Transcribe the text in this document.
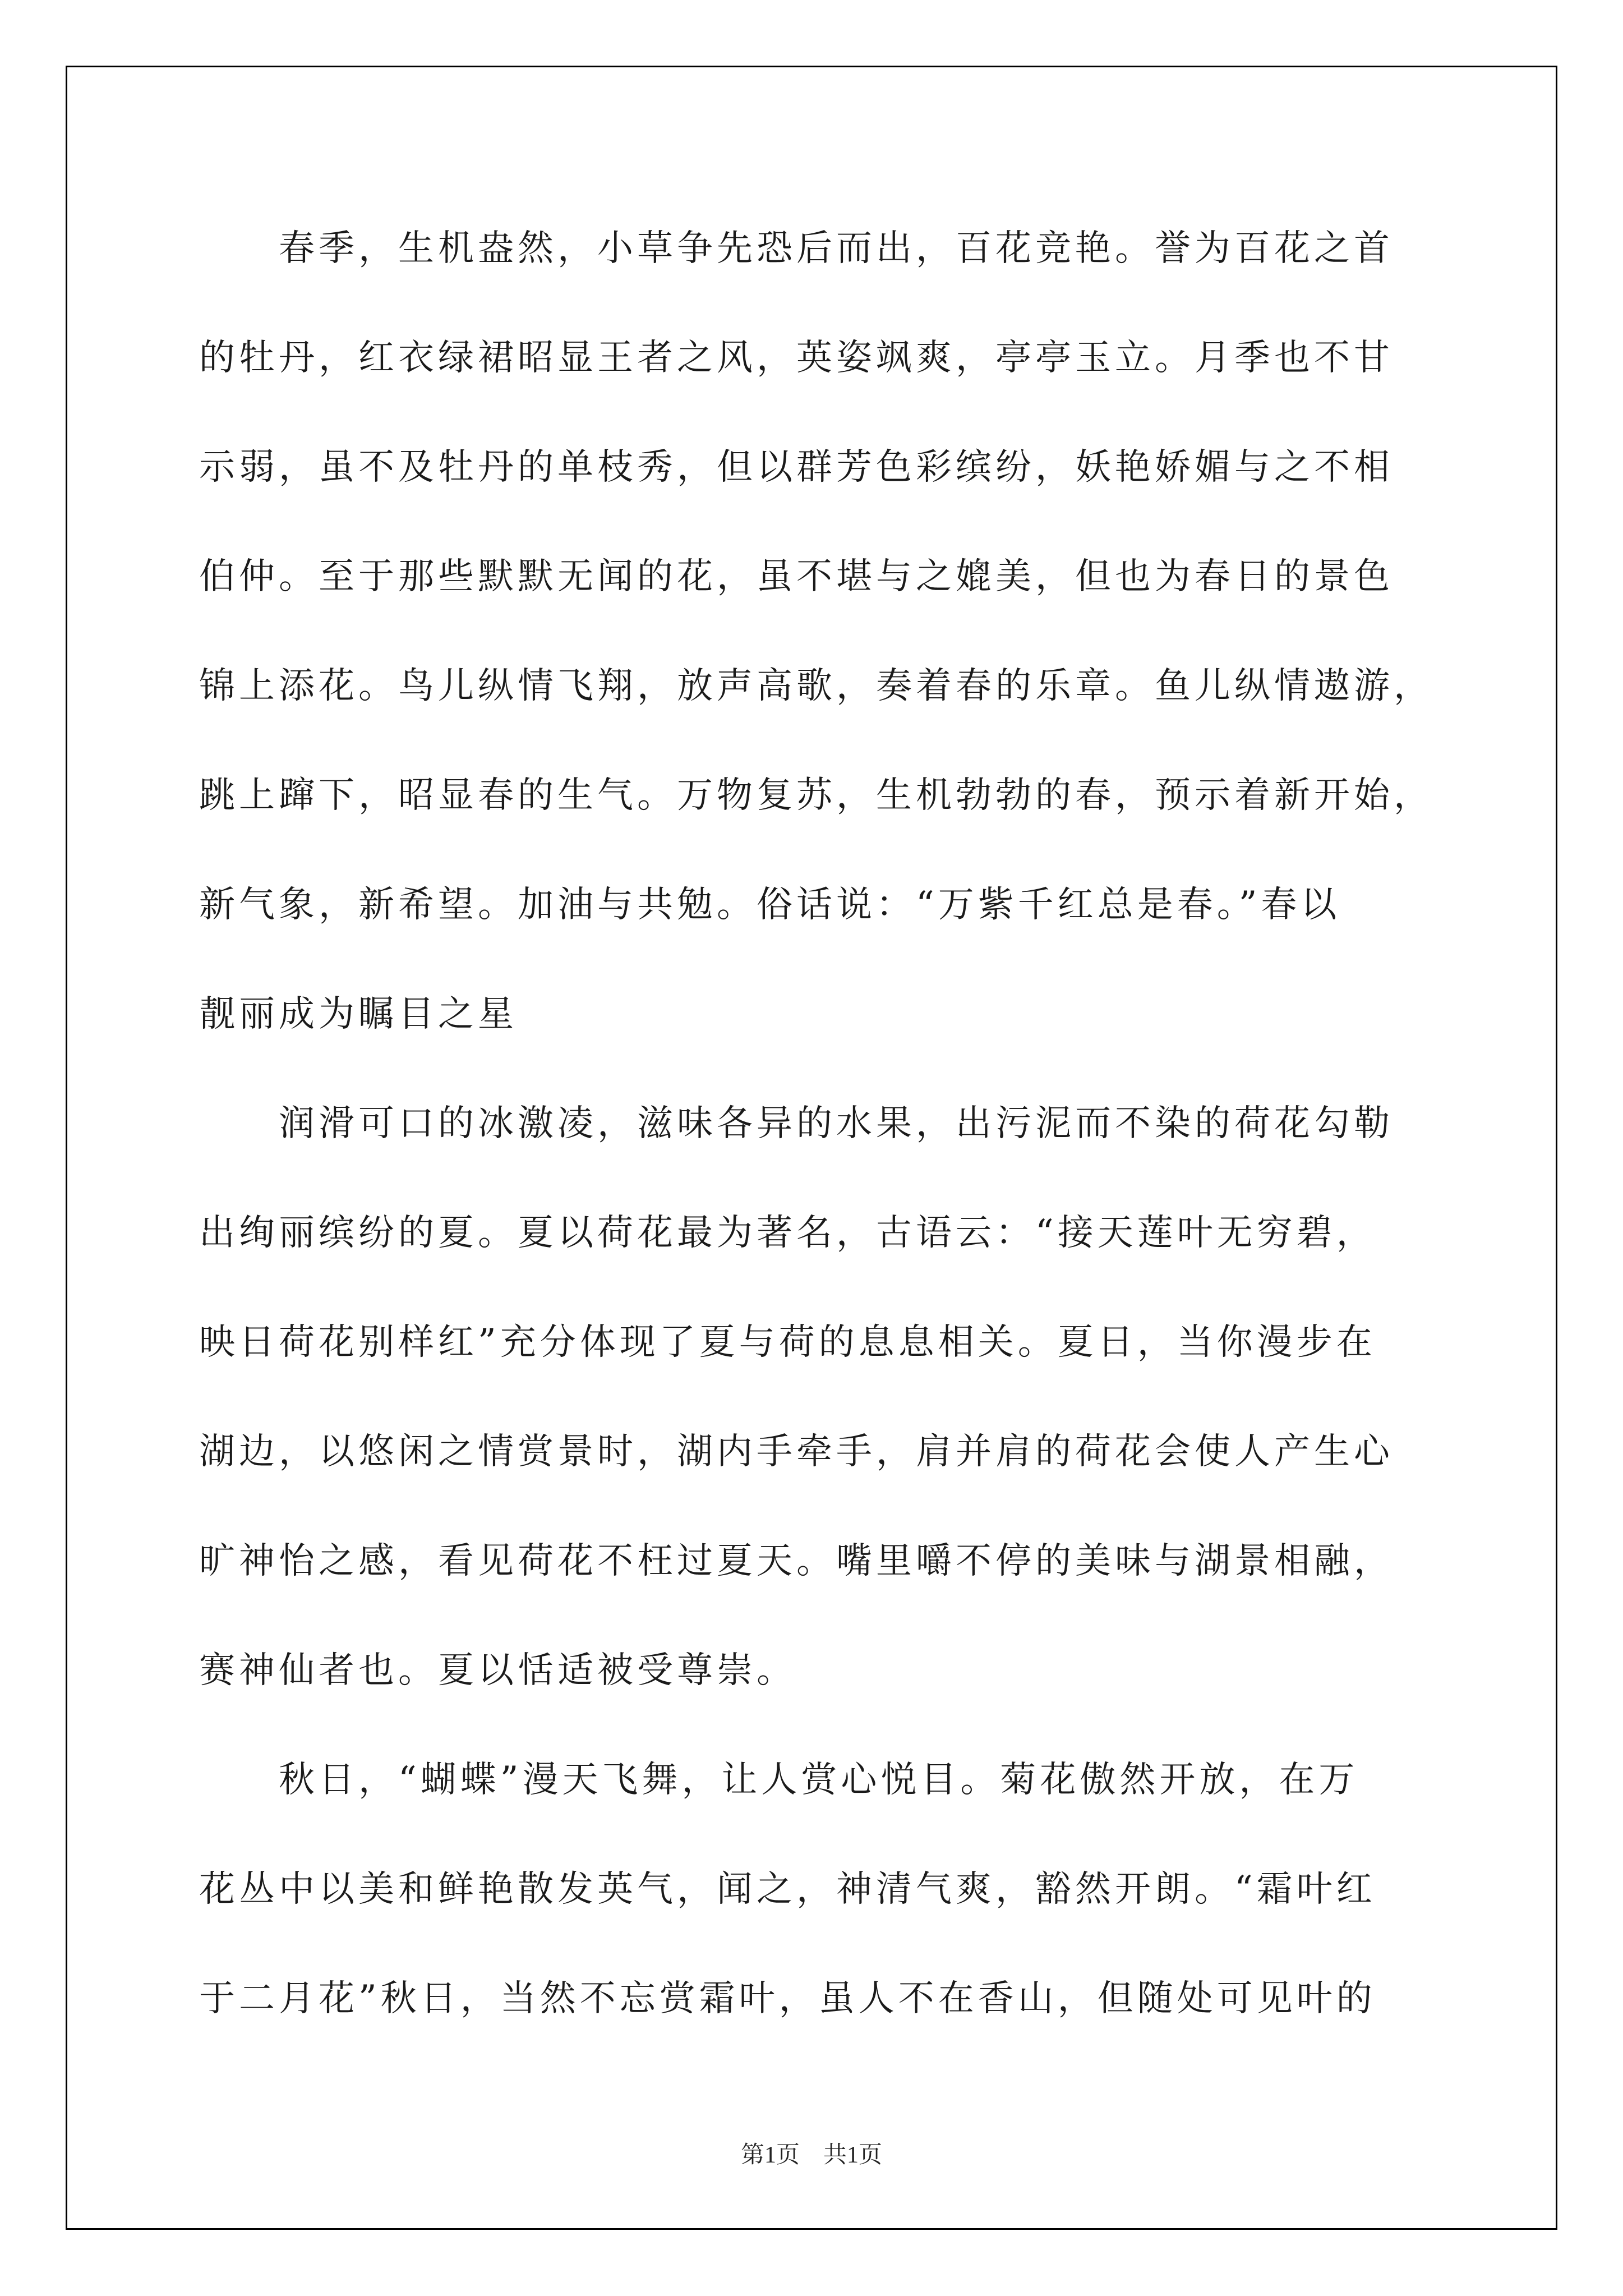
　　春季，生机盎然，小草争先恐后而出，百花竞艳。誉为百花之首
的牡丹，红衣绿裙昭显王者之风，英姿飒爽，亭亭玉立。月季也不甘
示弱，虽不及牡丹的单枝秀，但以群芳色彩缤纷，妖艳娇媚与之不相
伯仲。至于那些默默无闻的花，虽不堪与之媲美，但也为春日的景色
锦上添花。鸟儿纵情飞翔，放声高歌，奏着春的乐章。鱼儿纵情遨游，
跳上蹿下，昭显春的生气。万物复苏，生机勃勃的春，预示着新开始，
新气象，新希望。加油与共勉。俗话说：“万紫千红总是春。”春以
靓丽成为瞩目之星
　　润滑可口的冰激凌，滋味各异的水果，出污泥而不染的荷花勾勒
出绚丽缤纷的夏。夏以荷花最为著名，古语云：“接天莲叶无穷碧，
映日荷花别样红”充分体现了夏与荷的息息相关。夏日，当你漫步在
湖边，以悠闲之情赏景时，湖内手牵手，肩并肩的荷花会使人产生心
旷神怡之感，看见荷花不枉过夏天。嘴里嚼不停的美味与湖景相融，
赛神仙者也。夏以恬适被受尊崇。
　　秋日，“蝴蝶”漫天飞舞，让人赏心悦目。菊花傲然开放，在万
花丛中以美和鲜艳散发英气，闻之，神清气爽，豁然开朗。“霜叶红
于二月花”秋日，当然不忘赏霜叶，虽人不在香山，但随处可见叶的
第1页 共1页
